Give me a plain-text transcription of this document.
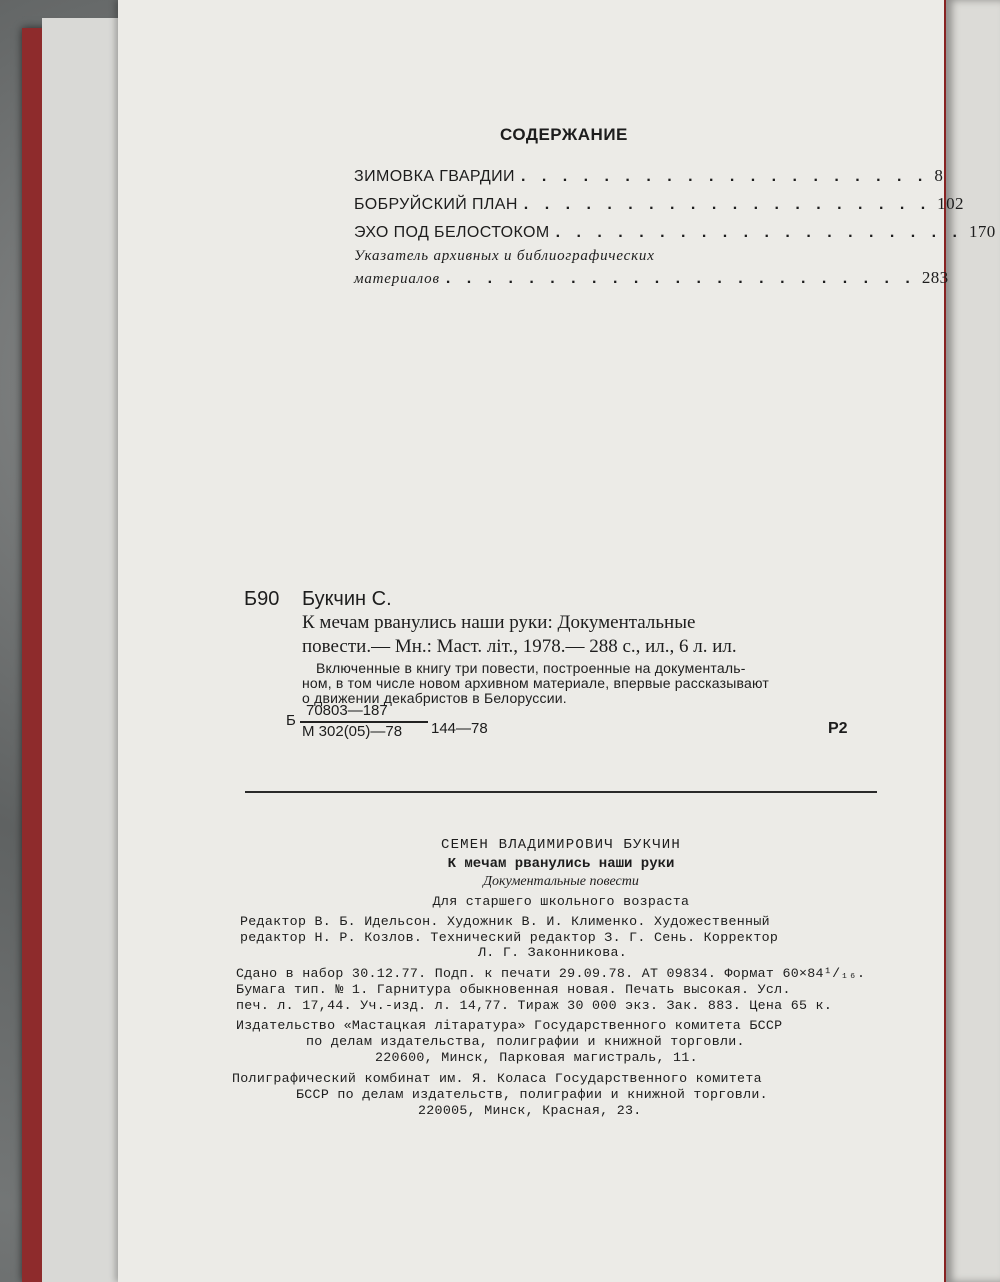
СОДЕРЖАНИЕ
ЗИМОВКА ГВАРДИИ . . . . . . . . . . . . . . . . . . . . 8
БОБРУЙСКИЙ ПЛАН . . . . . . . . . . . . . . . . . . . . 102
ЭХО ПОД БЕЛОСТОКОМ . . . . . . . . . . . . . . . . . . . . 170
Указатель архивных и библиографических
материалов . . . . . . . . . . . . . . . . . . . . . . . 283
Б90 Букчин С.
К мечам рванулись наши руки: Документальные
повести.— Мн.: Маст. лiт., 1978.— 288 с., ил., 6 л. ил.
Включенные в книгу три повести, построенные на документаль-
ном, в том числе новом архивном материале, впервые рассказывают
о движении декабристов в Белоруссии.
Б
70803—187
М 302(05)—78 144—78	Р2
СЕМЕН ВЛАДИМИРОВИЧ БУКЧИН
К мечам рванулись наши руки
Документальные повести
Для старшего школьного возраста
Редактор В. Б. Идельсон. Художник В. И. Клименко. Художественный
редактор Н. Р. Козлов. Технический редактор З. Г. Сень. Корректор
Л. Г. Законникова.
Сдано в набор 30.12.77. Подп. к печати 29.09.78. АТ 09834. Формат 60×84¹/₁₆.
Бумага тип. № 1. Гарнитура обыкновенная новая. Печать высокая. Усл.
печ. л. 17,44. Уч.-изд. л. 14,77. Тираж 30 000 экз. Зак. 883. Цена 65 к.
Издательство «Мастацкая лiтаратура» Государственного комитета БССР
по делам издательства, полиграфии и книжной торговли.
220600, Минск, Парковая магистраль, 11.
Полиграфический комбинат им. Я. Коласа Государственного комитета
БССР по делам издательств, полиграфии и книжной торговли.
220005, Минск, Красная, 23.
